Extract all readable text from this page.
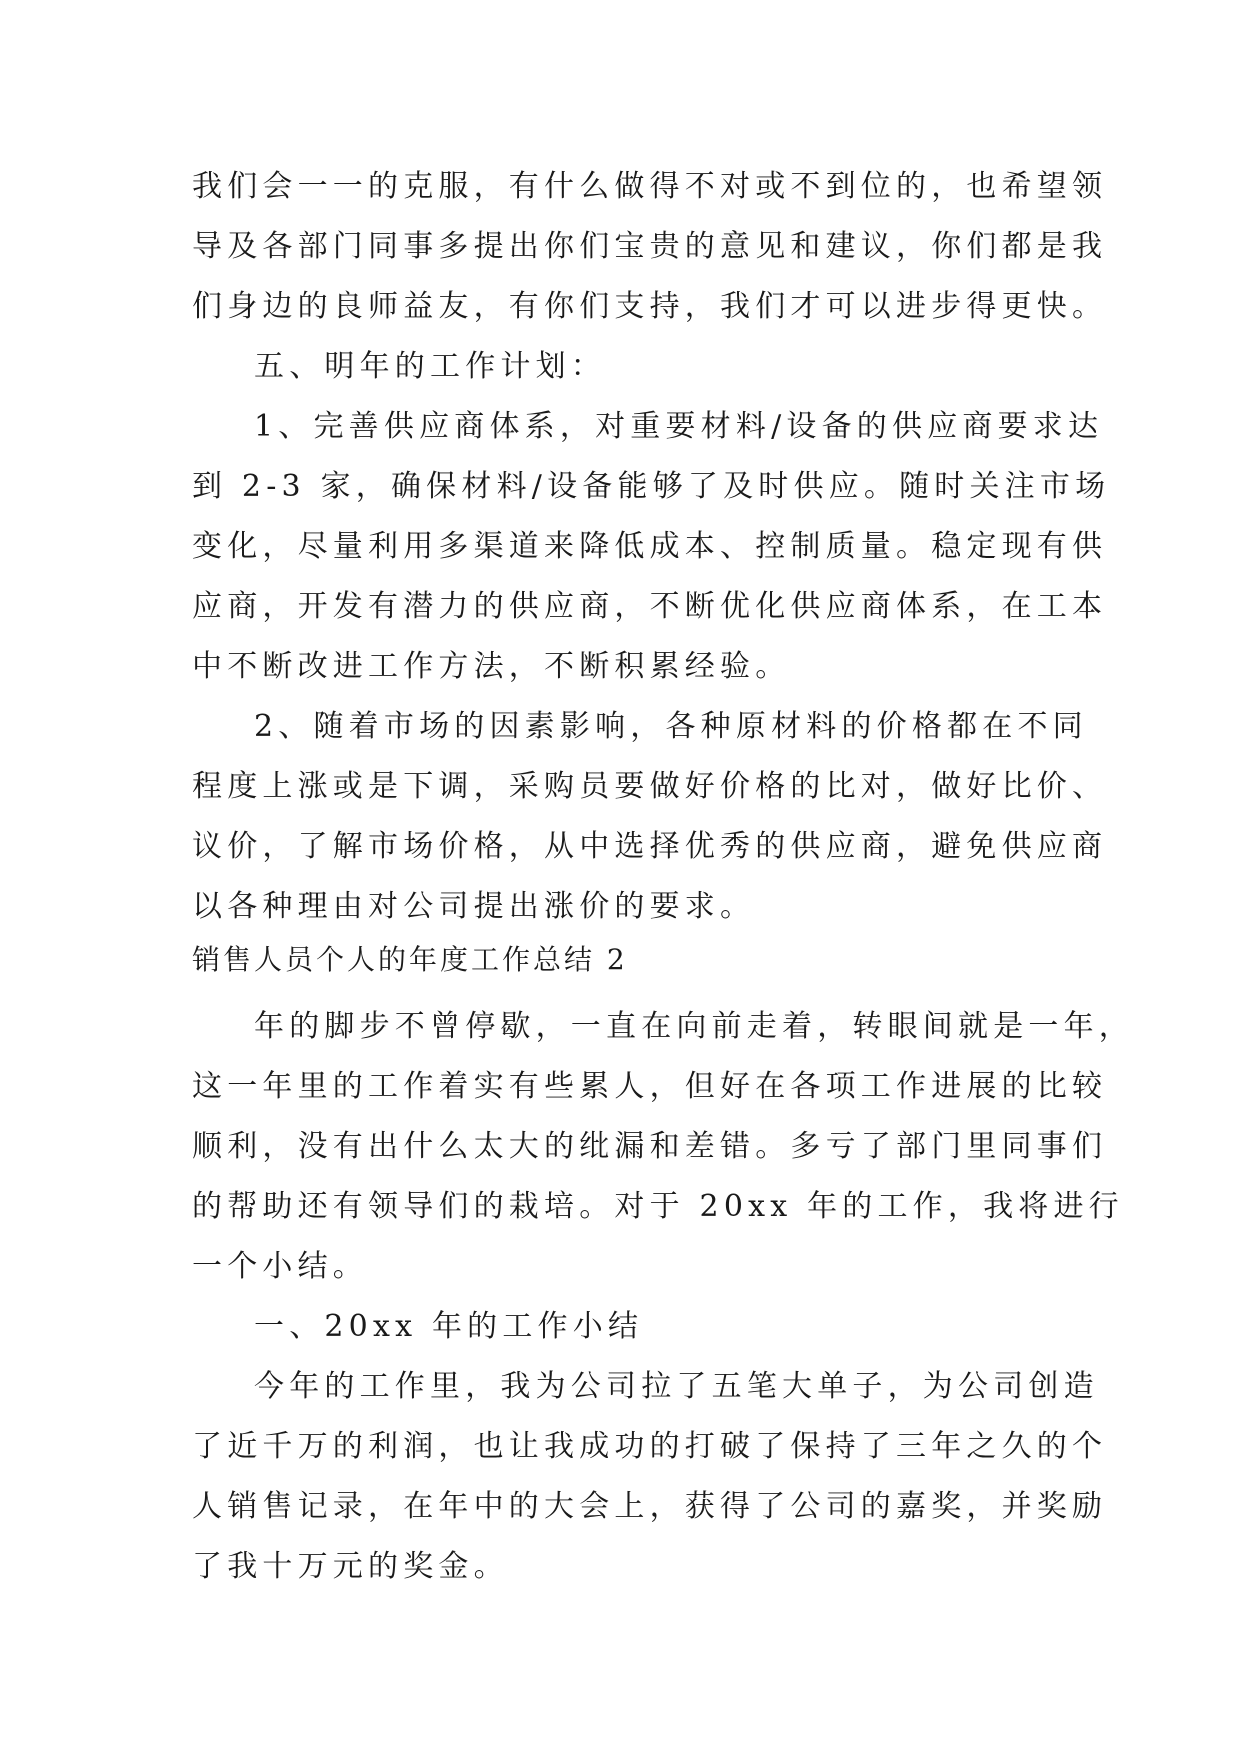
我们会一一的克服，有什么做得不对或不到位的，也希望领
导及各部门同事多提出你们宝贵的意见和建议，你们都是我
们身边的良师益友，有你们支持，我们才可以进步得更快。
五、明年的工作计划：
1、完善供应商体系，对重要材料/设备的供应商要求达
到 2-3 家，确保材料/设备能够了及时供应。随时关注市场
变化，尽量利用多渠道来降低成本、控制质量。稳定现有供
应商，开发有潜力的供应商，不断优化供应商体系，在工本
中不断改进工作方法，不断积累经验。
2、随着市场的因素影响，各种原材料的价格都在不同
程度上涨或是下调，采购员要做好价格的比对，做好比价、
议价，了解市场价格，从中选择优秀的供应商，避免供应商
以各种理由对公司提出涨价的要求。
销售人员个人的年度工作总结 2
年的脚步不曾停歇，一直在向前走着，转眼间就是一年，
这一年里的工作着实有些累人，但好在各项工作进展的比较
顺利，没有出什么太大的纰漏和差错。多亏了部门里同事们
的帮助还有领导们的栽培。对于 20xx 年的工作，我将进行
一个小结。
一、20xx 年的工作小结
今年的工作里，我为公司拉了五笔大单子，为公司创造
了近千万的利润，也让我成功的打破了保持了三年之久的个
人销售记录，在年中的大会上，获得了公司的嘉奖，并奖励
了我十万元的奖金。
